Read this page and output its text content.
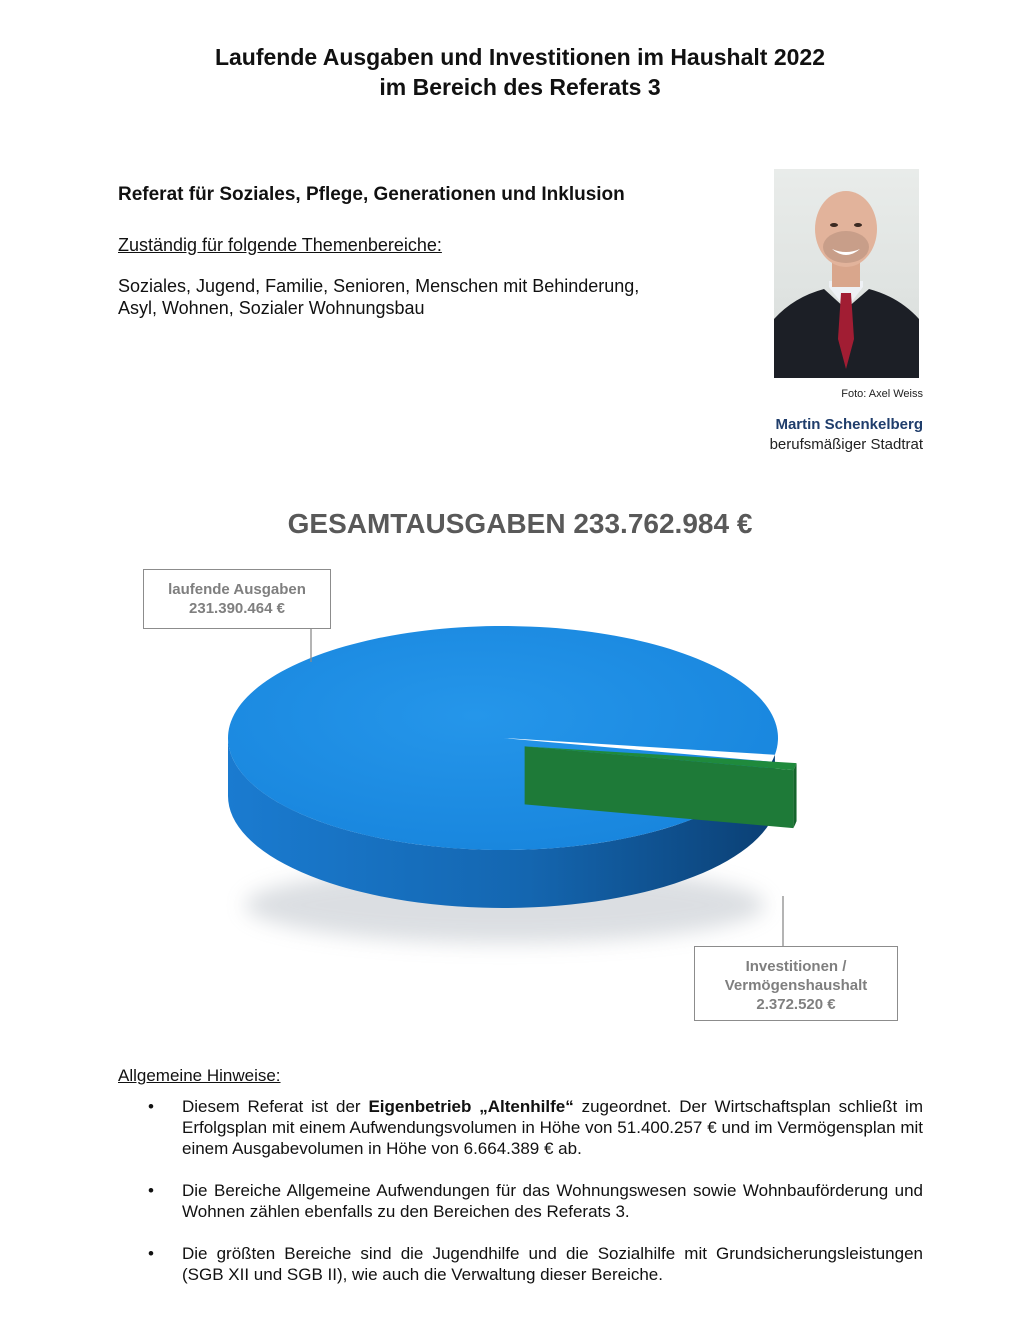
Laufende Ausgaben und Investitionen im Haushalt 2022
im Bereich des Referats 3
Referat für Soziales, Pflege, Generationen und Inklusion
Zuständig für folgende Themenbereiche:
Soziales, Jugend, Familie, Senioren, Menschen mit Behinderung,
Asyl, Wohnen, Sozialer Wohnungsbau
Foto: Axel Weiss
Martin Schenkelberg
berufsmäßiger Stadtrat
GESAMTAUSGABEN 233.762.984 €
laufende Ausgaben
231.390.464 €
Investitionen /
Vermögenshaushalt
2.372.520 €
Allgemeine Hinweise:
• Diesem Referat ist der Eigenbetrieb „Altenhilfe“ zugeordnet. Der Wirtschaftsplan schließt im Erfolgsplan mit einem Aufwendungsvolumen in Höhe von 51.400.257 € und im Vermögensplan mit einem Ausgabevolumen in Höhe von 6.664.389 € ab.
• Die Bereiche Allgemeine Aufwendungen für das Wohnungswesen sowie Wohnbauförderung und Wohnen zählen ebenfalls zu den Bereichen des Referats 3.
• Die größten Bereiche sind die Jugendhilfe und die Sozialhilfe mit Grundsicherungsleistungen (SGB XII und SGB II), wie auch die Verwaltung dieser Bereiche.
